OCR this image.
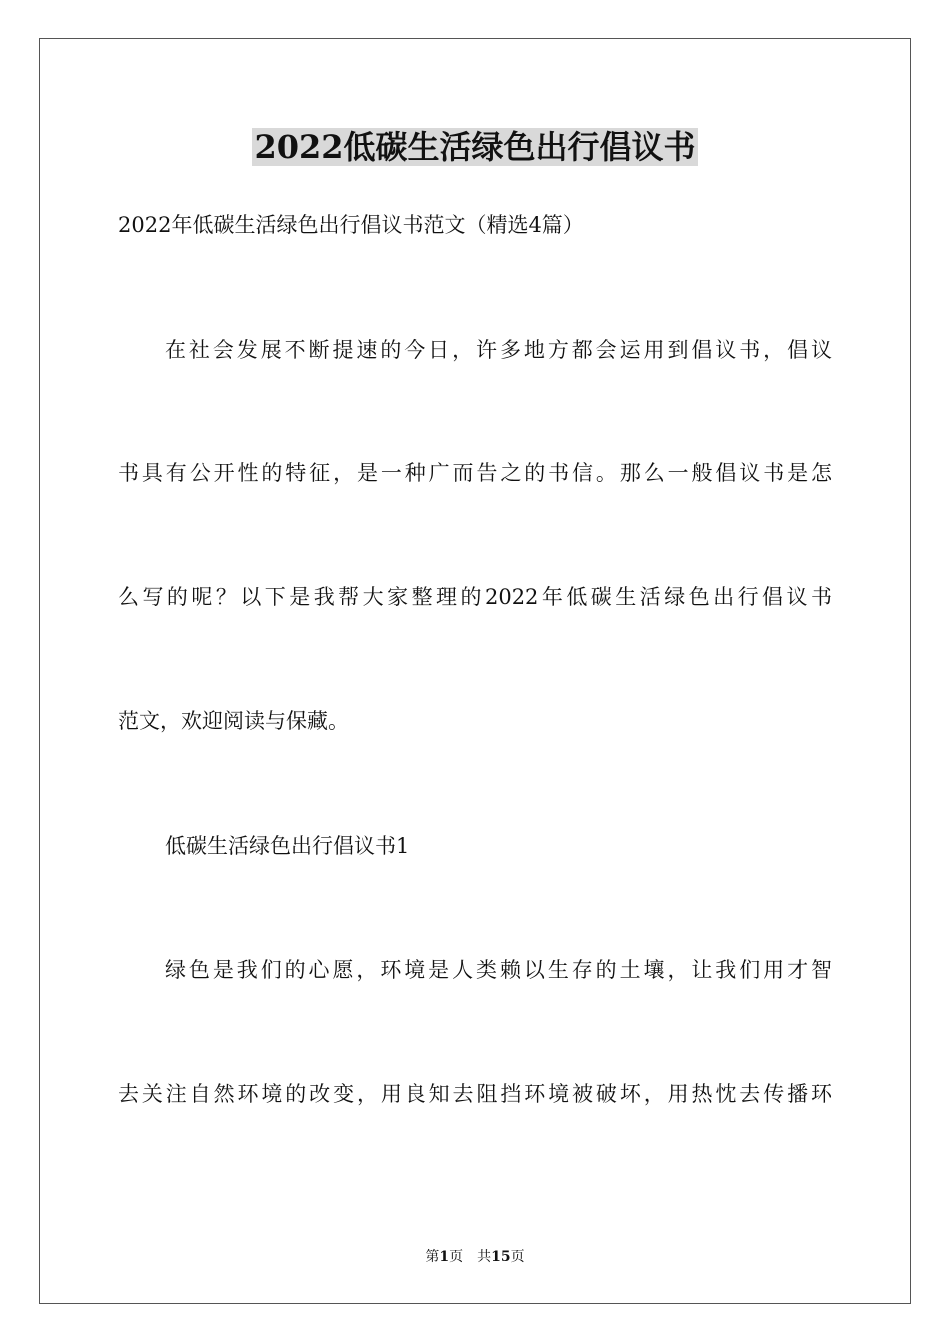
2022低碳生活绿色出行倡议书

2022年低碳生活绿色出行倡议书范文（精选4篇）

在社会发展不断提速的今日，许多地方都会运用到倡议书，倡议

书具有公开性的特征，是一种广而告之的书信。那么一般倡议书是怎

么写的呢？以下是我帮大家整理的2022年低碳生活绿色出行倡议书

范文，欢迎阅读与保藏。

低碳生活绿色出行倡议书1

绿色是我们的心愿，环境是人类赖以生存的土壤，让我们用才智

去关注自然环境的改变，用良知去阻挡环境被破坏，用热忱去传播环

第1页 共15页
